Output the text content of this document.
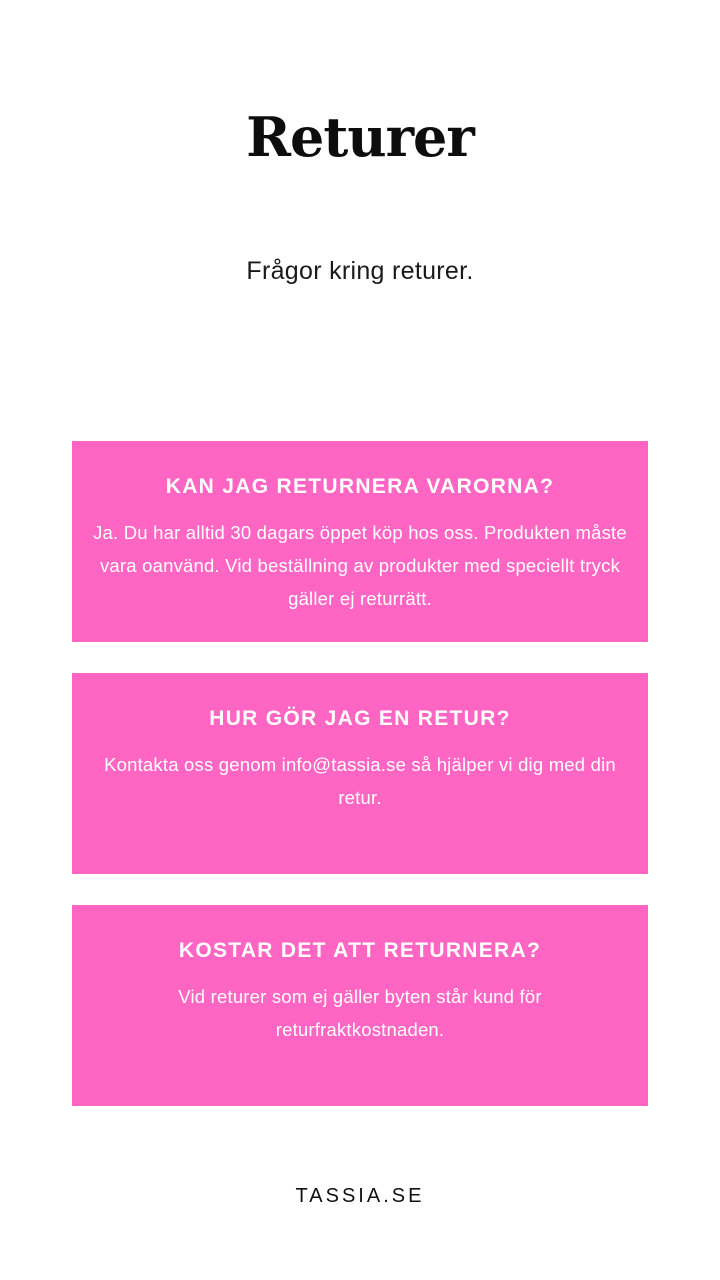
Returer

Frågor kring returer.

KAN JAG RETURNERA VARORNA?

Ja. Du har alltid 30 dagars öppet köp hos oss. Produkten måste vara oanvänd. Vid beställning av produkter med speciellt tryck gäller ej returrätt.

HUR GÖR JAG EN RETUR?

Kontakta oss genom info@tassia.se så hjälper vi dig med din retur.

KOSTAR DET ATT RETURNERA?

Vid returer som ej gäller byten står kund för returfraktkostnaden.

TASSIA.SE
